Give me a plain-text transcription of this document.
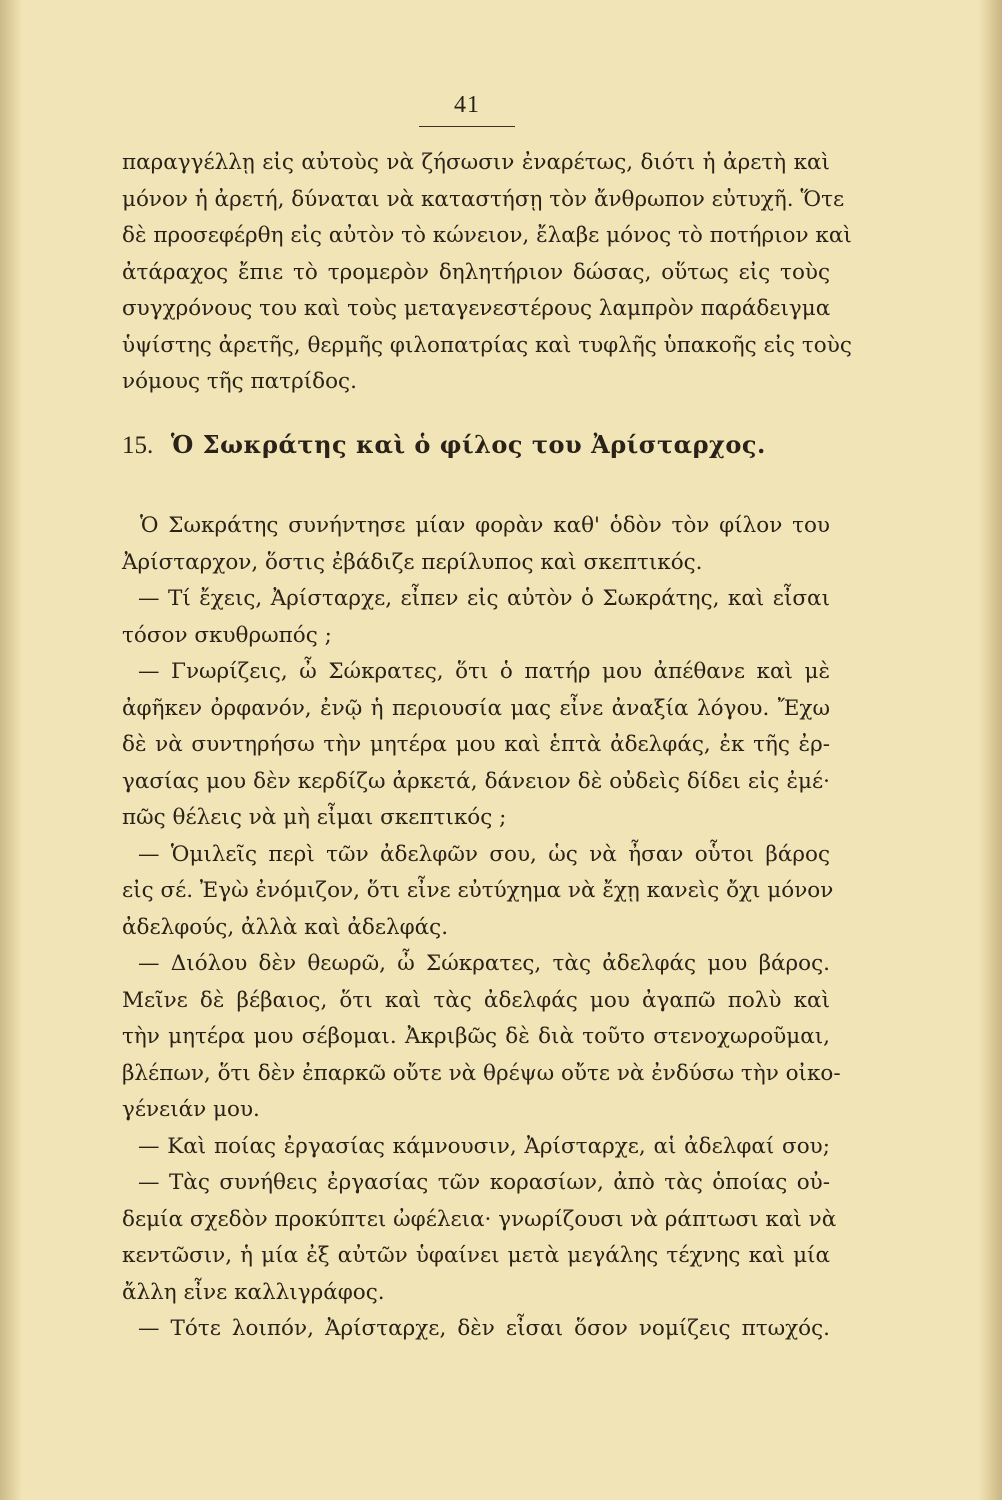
41
παραγγέλλῃ εἰς αὐτοὺς νὰ ζήσωσιν ἐναρέτως, διότι ἡ ἀρετὴ καὶ
μόνον ἡ ἀρετή, δύναται νὰ καταστήσῃ τὸν ἄνθρωπον εὐτυχῆ. Ὅτε
δὲ προσεφέρθη εἰς αὐτὸν τὸ κώνειον, ἔλαβε μόνος τὸ ποτήριον καὶ
ἀτάραχος ἔπιε τὸ τρομερὸν δηλητήριον δώσας, οὕτως εἰς τοὺς
συγχρόνους του καὶ τοὺς μεταγενεστέρους λαμπρὸν παράδειγμα
ὑψίστης ἀρετῆς, θερμῆς φιλοπατρίας καὶ τυφλῆς ὑπακοῆς εἰς τοὺς
νόμους τῆς πατρίδος.
15. Ὁ Σωκράτης καὶ ὁ φίλος του Ἀρίσταρχος.
Ὁ Σωκράτης συνήντησε μίαν φορὰν καθ' ὁδὸν τὸν φίλον του
Ἀρίσταρχον, ὅστις ἐβάδιζε περίλυπος καὶ σκεπτικός.
— Τί ἔχεις, Ἀρίσταρχε, εἶπεν εἰς αὐτὸν ὁ Σωκράτης, καὶ εἶσαι
τόσον σκυθρωπός ;
— Γνωρίζεις, ὦ Σώκρατες, ὅτι ὁ πατήρ μου ἀπέθανε καὶ μὲ
ἀφῆκεν ὀρφανόν, ἐνῷ ἡ περιουσία μας εἶνε ἀναξία λόγου. Ἔχω
δὲ νὰ συντηρήσω τὴν μητέρα μου καὶ ἑπτὰ ἀδελφάς, ἐκ τῆς ἐρ-
γασίας μου δὲν κερδίζω ἀρκετά, δάνειον δὲ οὐδεὶς δίδει εἰς ἐμέ·
πῶς θέλεις νὰ μὴ εἶμαι σκεπτικός ;
— Ὁμιλεῖς περὶ τῶν ἀδελφῶν σου, ὡς νὰ ἦσαν οὗτοι βάρος
εἰς σέ. Ἐγὼ ἐνόμιζον, ὅτι εἶνε εὐτύχημα νὰ ἔχῃ κανεὶς ὄχι μόνον
ἀδελφούς, ἀλλὰ καὶ ἀδελφάς.
— Διόλου δὲν θεωρῶ, ὦ Σώκρατες, τὰς ἀδελφάς μου βάρος.
Μεῖνε δὲ βέβαιος, ὅτι καὶ τὰς ἀδελφάς μου ἀγαπῶ πολὺ καὶ
τὴν μητέρα μου σέβομαι. Ἀκριβῶς δὲ διὰ τοῦτο στενοχωροῦμαι,
βλέπων, ὅτι δὲν ἐπαρκῶ οὔτε νὰ θρέψω οὔτε νὰ ἐνδύσω τὴν οἰκο-
γένειάν μου.
— Καὶ ποίας ἐργασίας κάμνουσιν, Ἀρίσταρχε, αἱ ἀδελφαί σου;
— Τὰς συνήθεις ἐργασίας τῶν κορασίων, ἀπὸ τὰς ὁποίας οὐ-
δεμία σχεδὸν προκύπτει ὠφέλεια· γνωρίζουσι νὰ ράπτωσι καὶ νὰ
κεντῶσιν, ἡ μία ἐξ αὐτῶν ὑφαίνει μετὰ μεγάλης τέχνης καὶ μία
ἄλλη εἶνε καλλιγράφος.
— Τότε λοιπόν, Ἀρίσταρχε, δὲν εἶσαι ὅσον νομίζεις πτωχός.
